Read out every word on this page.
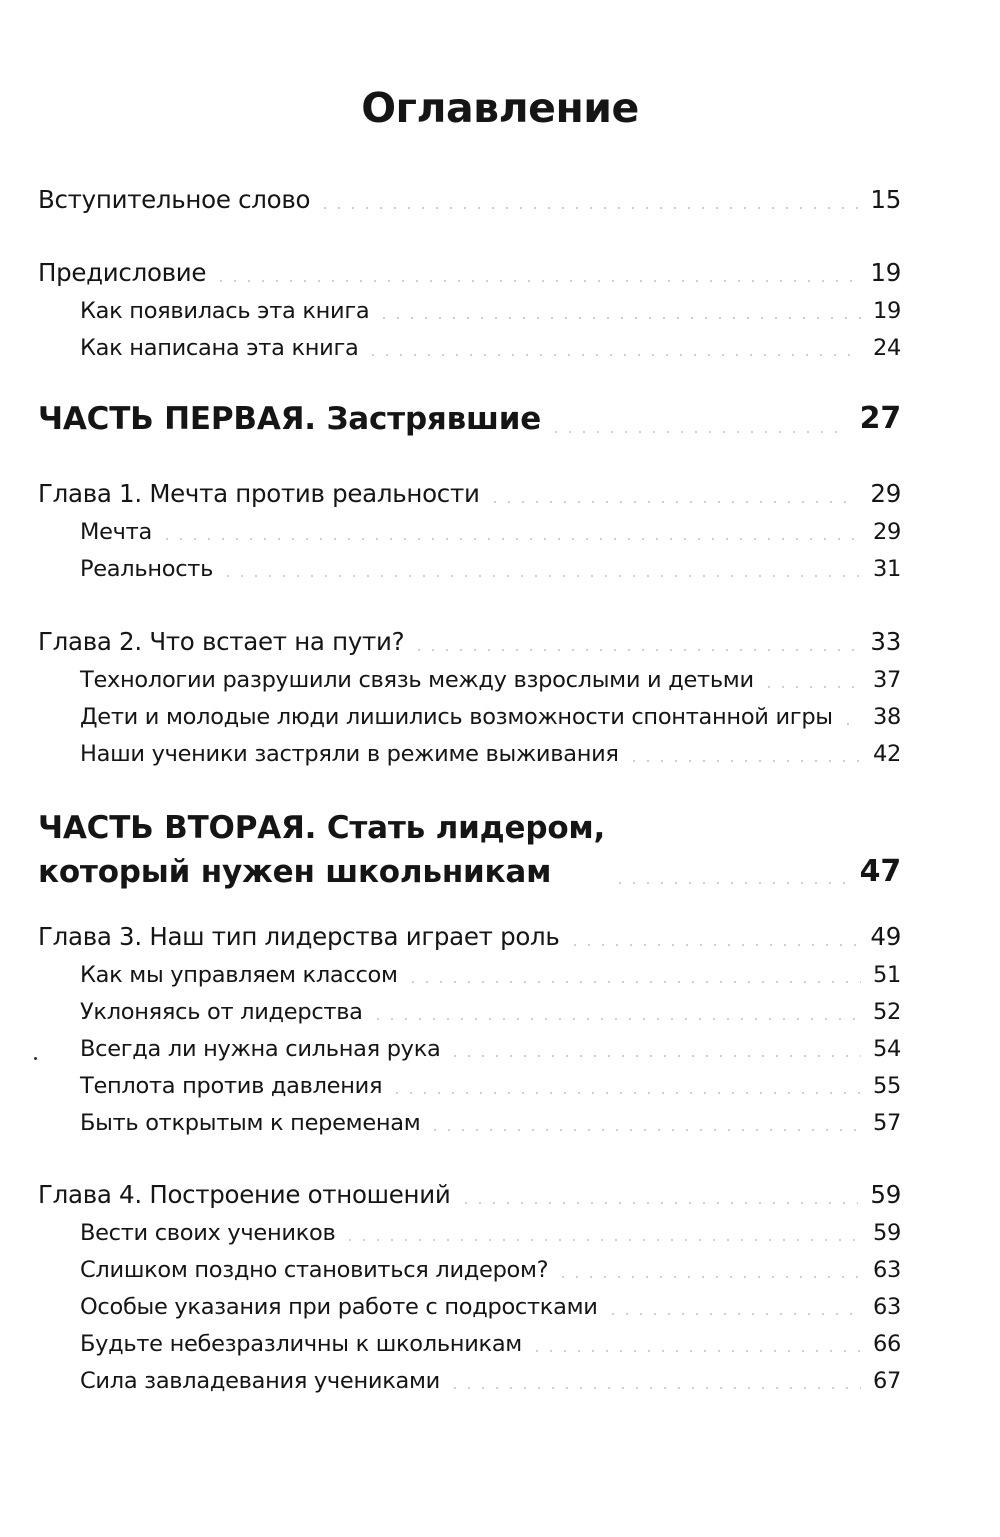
Оглавление
Вступительное слово	15
Предисловие	19
Как появилась эта книга	19
Как написана эта книга	24
ЧАСТЬ ПЕРВАЯ. Застрявшие	27
Глава 1. Мечта против реальности	29
Мечта	29
Реальность	31
Глава 2. Что встает на пути?	33
Технологии разрушили связь между взрослыми и детьми	37
Дети и молодые люди лишились возможности спонтанной игры 38
Наши ученики застряли в режиме выживания	42
ЧАСТЬ ВТОРАЯ. Стать лидером,
который нужен школьникам	47
Глава 3. Наш тип лидерства играет роль	49
Как мы управляем классом	51
Уклоняясь от лидерства	52
Всегда ли нужна сильная рука	54
Теплота против давления	55
Быть открытым к переменам	57
Глава 4. Построение отношений	59
Вести своих учеников	59
Слишком поздно становиться лидером?	63
Особые указания при работе с подростками	63
Будьте небезразличны к школьникам	66
Сила завладевания учениками	67
